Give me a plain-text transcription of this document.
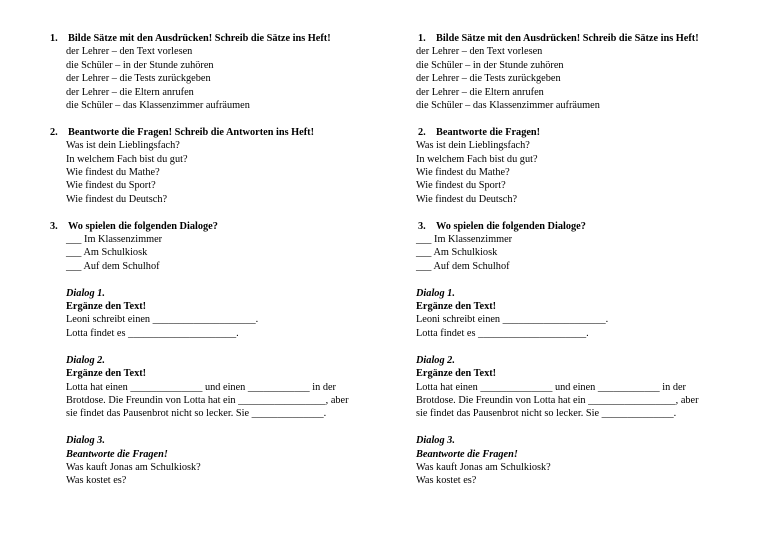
1. Bilde Sätze mit den Ausdrücken! Schreib die Sätze ins Heft!
der Lehrer – den Text vorlesen
die Schüler – in der Stunde zuhören
der Lehrer – die Tests zurückgeben
der Lehrer – die Eltern anrufen
die Schüler – das Klassenzimmer aufräumen
2. Beantworte die Fragen! Schreib die Antworten ins Heft!
Was ist dein Lieblingsfach?
In welchem Fach bist du gut?
Wie findest du Mathe?
Wie findest du Sport?
Wie findest du Deutsch?
3. Wo spielen die folgenden Dialoge?
___ Im Klassenzimmer
___ Am Schulkiosk
___ Auf dem Schulhof
Dialog 1.
Ergänze den Text!
Leoni schreibt einen ____________________.
Lotta findet es _____________________.
Dialog 2.
Ergänze den Text!
Lotta hat einen ______________ und einen ____________ in der
Brotdose. Die Freundin von Lotta hat ein _________________, aber
sie findet das Pausenbrot nicht so lecker. Sie ______________.
Dialog 3.
Beantworte die Fragen!
Was kauft Jonas am Schulkiosk?
Was kostet es?
1. Bilde Sätze mit den Ausdrücken! Schreib die Sätze ins Heft!
der Lehrer – den Text vorlesen
die Schüler – in der Stunde zuhören
der Lehrer – die Tests zurückgeben
der Lehrer – die Eltern anrufen
die Schüler – das Klassenzimmer aufräumen
2. Beantworte die Fragen!
Was ist dein Lieblingsfach?
In welchem Fach bist du gut?
Wie findest du Mathe?
Wie findest du Sport?
Wie findest du Deutsch?
3. Wo spielen die folgenden Dialoge?
___ Im Klassenzimmer
___ Am Schulkiosk
___ Auf dem Schulhof
Dialog 1.
Ergänze den Text!
Leoni schreibt einen ____________________.
Lotta findet es _____________________.
Dialog 2.
Ergänze den Text!
Lotta hat einen ______________ und einen ____________ in der
Brotdose. Die Freundin von Lotta hat ein _________________, aber
sie findet das Pausenbrot nicht so lecker. Sie ______________.
Dialog 3.
Beantworte die Fragen!
Was kauft Jonas am Schulkiosk?
Was kostet es?
